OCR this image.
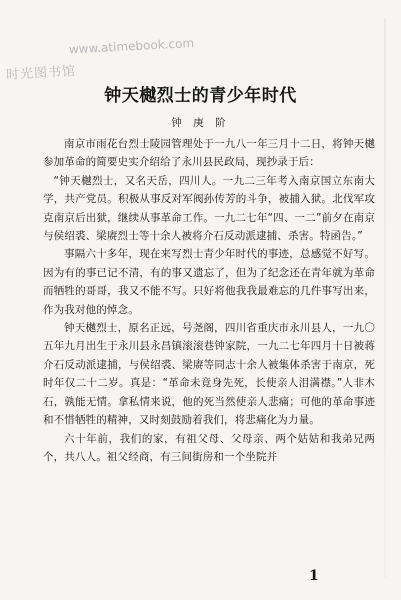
www.atimebook.com
时光图书馆
钟天樾烈士的青少年时代
钟 庚 阶

南京市雨花台烈士陵园管理处于一九八一年三月十二日，将钟天樾参加革命的简要史实介绍给了永川县民政局，现抄录于后：

“钟天樾烈士，又名天岳，四川人。一九二三年考入南京国立东南大学，共产党员。积极从事反对军阀孙传芳的斗争，被捕入狱。北伐军攻克南京后出狱，继续从事革命工作。一九二七年“四、一二”前夕在南京与侯绍裘、梁赓烈士等十余人被将介石反动派逮捕、杀害。特函告。”

事隔六十多年，现在来写烈士青少年时代的事迹，总感觉不好写。因为有的事已记不清，有的事又遗忘了，但为了纪念还在青年就为革命而牺牲的哥哥，我又不能不写。只好将他我我最难忘的几件事写出来，作为我对他的悼念。

钟天樾烈士，原名正远，号尧阁，四川省重庆市永川县人，一九〇五年九月出生于永川县永昌镇滚滚巷钟家院，一九二七年四月十日被蒋介石反动派逮捕，与侯绍裘、梁赓等同志十余人被集体杀害于南京，死时年仅二十二岁。真是：“革命未竟身先死，长使亲人泪满襟。”人非木石，孰能无情。拿私情来说，他的死当然使亲人悲痛；可他的革命事迹和不惜牺牲的精神，又时刻鼓励着我们，将悲痛化为力量。

六十年前，我们的家，有祖父母、父母亲、两个姑姑和我弟兄两个，共八人。祖父经商，有三间街房和一个坐院并

1
